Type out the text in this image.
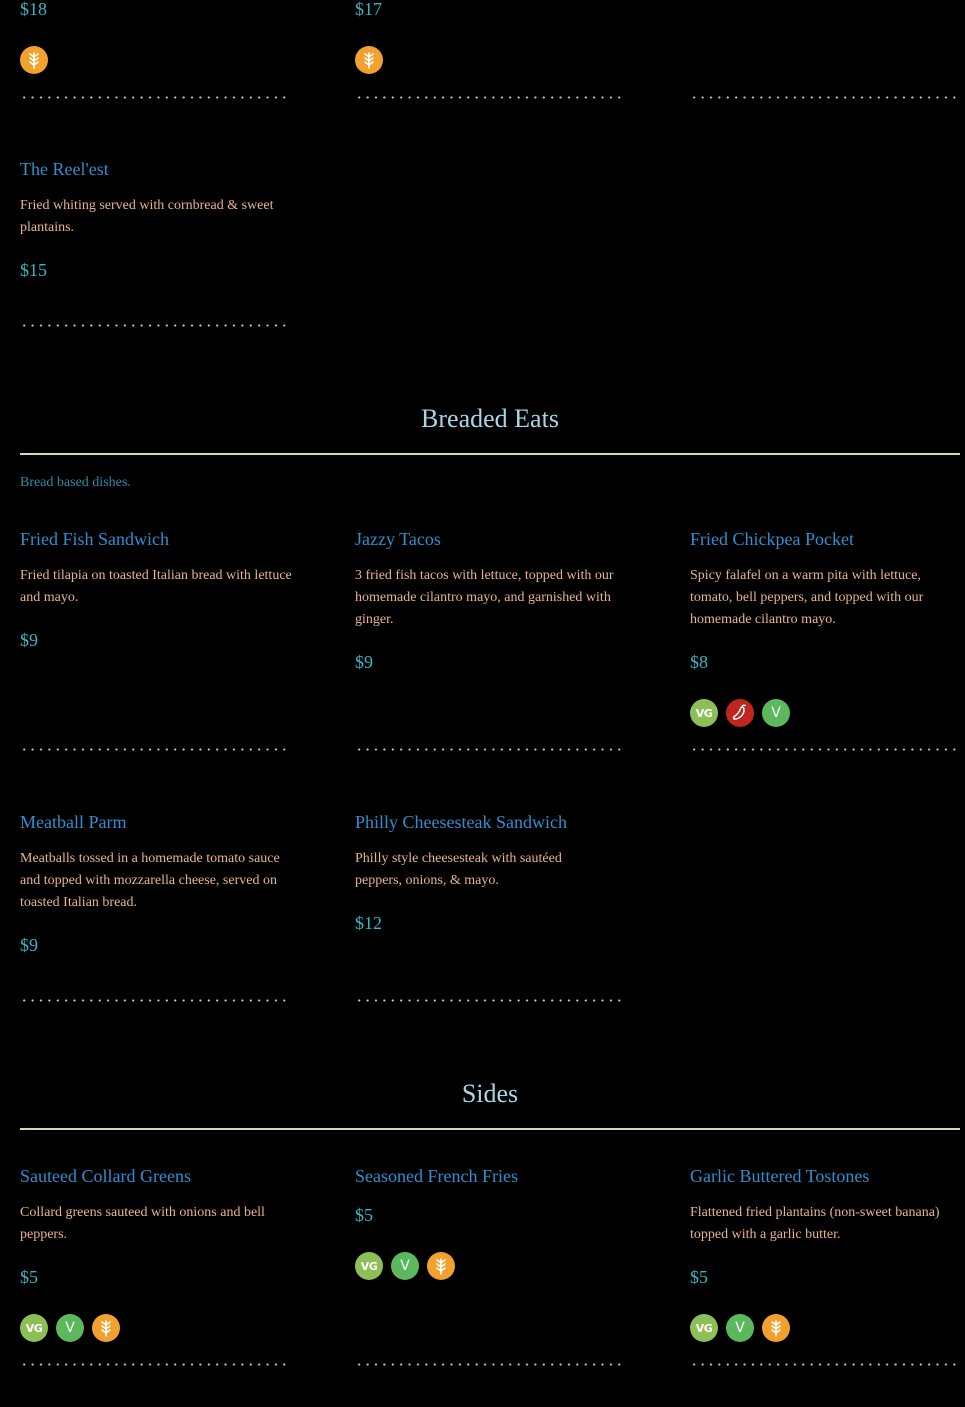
$18	$17
The Reel'est
Fried whiting served with cornbread & sweet plantains.
$15
Breaded Eats
Bread based dishes.
Fried Fish Sandwich
Fried tilapia on toasted Italian bread with lettuce and mayo.
$9
Jazzy Tacos
3 fried fish tacos with lettuce, topped with our homemade cilantro mayo, and garnished with ginger.
$9
Fried Chickpea Pocket
Spicy falafel on a warm pita with lettuce, tomato, bell peppers, and topped with our homemade cilantro mayo.
$8
VG	V
Meatball Parm
Meatballs tossed in a homemade tomato sauce and topped with mozzarella cheese, served on toasted Italian bread.
$9
Philly Cheesesteak Sandwich
Philly style cheesesteak with sautéed peppers, onions, & mayo.
$12
Sides
Sauteed Collard Greens
Collard greens sauteed with onions and bell peppers.
$5
VG	V
Seasoned French Fries
$5
VG	V
Garlic Buttered Tostones
Flattened fried plantains (non-sweet banana) topped with a garlic butter.
$5
VG	V
